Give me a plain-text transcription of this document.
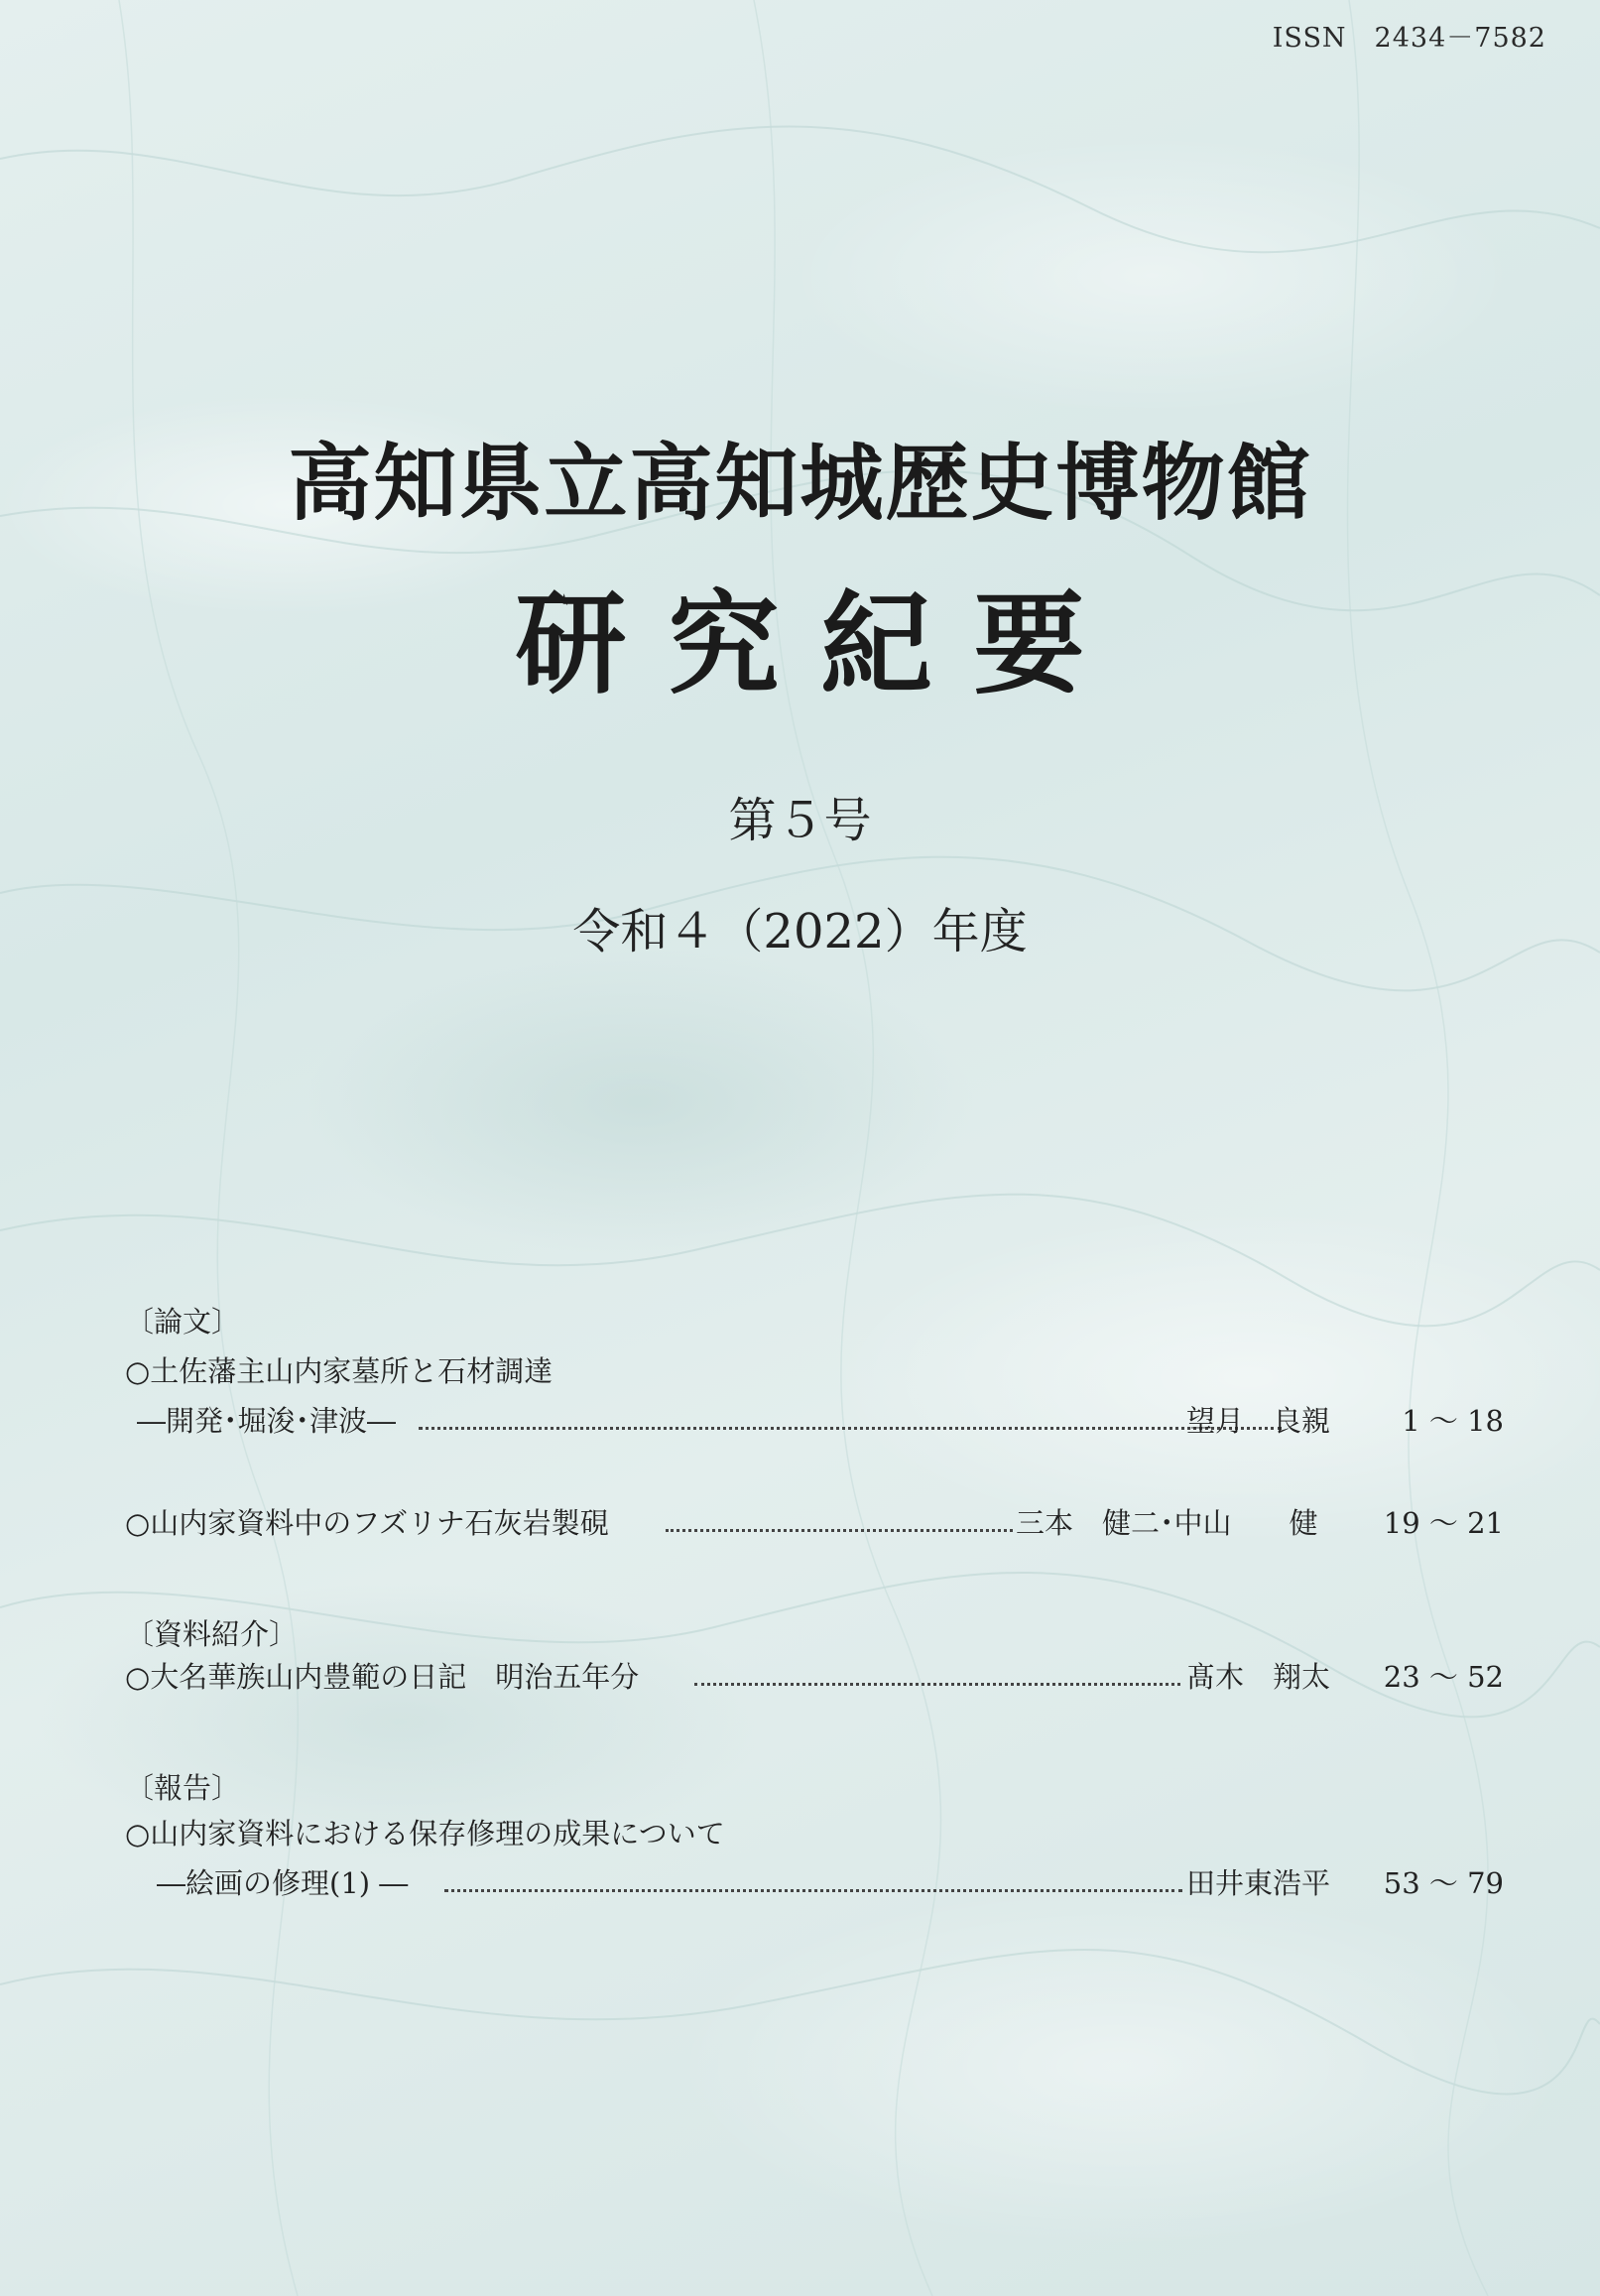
ISSN　2434－7582
高知県立高知城歴史博物館
研究紀要
第５号
令和４（2022）年度
〔論文〕
○土佐藩主山内家墓所と石材調達
―開発･堀浚･津波―	望月　良親 1 ～ 18
○山内家資料中のフズリナ石灰岩製硯	三本　健二･中山　　健 19 ～ 21
〔資料紹介〕
○大名華族山内豊範の日記　明治五年分	髙木　翔太 23 ～ 52
〔報告〕
○山内家資料における保存修理の成果について
―絵画の修理(1) ―	田井東浩平 53 ～ 79
